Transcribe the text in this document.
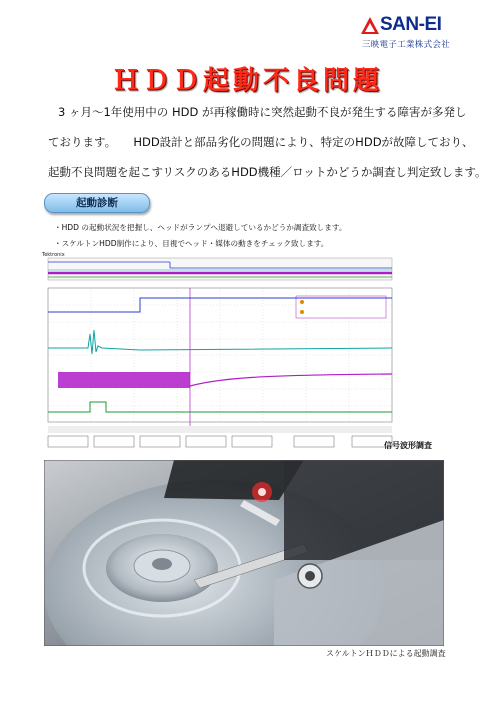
SAN-EI
三映電子工業株式会社
ＨＤＤ起動不良問題

3 ヶ月～1年使用中の HDD が再稼働時に突然起動不良が発生する障害が多発し

ております。　　HDD設計と部品劣化の問題により、特定のHDDが故障しており、

起動不良問題を起こすリスクのあるHDD機種／ロットかどうか調査し判定致します。

起動診断
・HDD の起動状況を把握し、ヘッドがランプへ退避しているかどうか調査致します。
・スケルトンHDD制作により、目視でヘッド・媒体の動きをチェック致します。
Tektronix
信号波形調査
スケルトンＨＤＤによる起動調査
